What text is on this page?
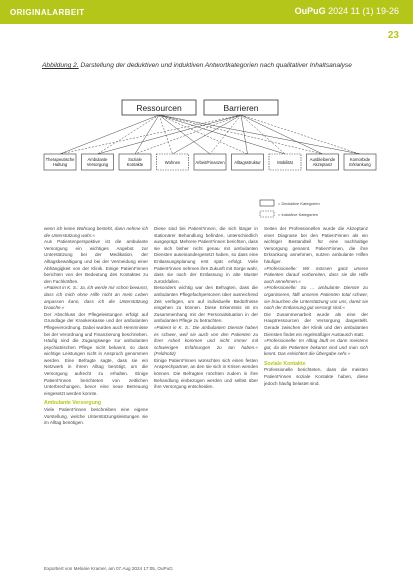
ORIGINALARBEIT	OuPuG 2024 11 (1) 19-26
23
Abbildung 2. Darstellung der deduktiven und induktiven Antwortkategorien nach qualitativer Inhaltsanalyse
Ressourcen	Barrieren
Therapeutische
Haltung
Ambulante
Versorgung
Soziale
Kontakte	Wohnen	Arbeit/Finanzen Alltagsstruktur	Mobilität
Ausbleibende
Akzeptanz
Komorbide
Erkrankung
= Deduktive Kategorien
= Induktive Kategorien

wenn ich keine Wahrung besteht, dann nehme ich die Unterstützung wahr.«

Aus Patientenperspektive ist die ambulante Versorgung ein wichtiges Angebot zur Unterstützung bei der Medikation, der Alltagsbewältigung und bei der Vermeidung einer Abhängigkeit von der Klinik. Einige Patient*innen berichten von der Bedeutung des Kontaktes zu den Fachkräften.

»Patient in K. S.: Ja, ich werde mir schon bewusst, dass ich mich ohne Hilfe nicht an mein Leben anpassen kann, dass ich die Unterstützung brauche.«

Der Abschluss der Pflegeleistungen erfolgt auf Grundlage der Krankenkasse und der ambulanten Pflegeverordnung. Dabei wurden auch Hemmnisse bei der Verordnung und Finanzierung beschrieben. Häufig sind die Zugangswege zur ambulanten psychiatrischen Pflege nicht bekannt, so dass wichtige Leistungen nicht in Anspruch genommen werden. Eine Befragte sagte, dass sie ein Netzwerk in ihrem Alltag benötigt, um die Versorgung aufrecht zu erhalten. Einige Patient*innen berichteten von zeitlichen Unterbrechungen, bevor eine neue Betreuung eingesetzt werden konnte.

Ambulante Versorgung

Viele Patient*innen beschreiben eine eigene Vorstellung, welche Unterstützungsleistungen sie im Alltag benötigen.

Diese sind bei Patient*innen, die sich länger in stationärer Behandlung befinden, unterschiedlich ausgeprägt. Mehrere Patient*innen berichten, dass sie sich bisher nicht genau mit ambulanten Diensten auseinandergesetzt haben, so dass eine Entlassungsplanung erst spät erfolgt. Viele Patient*innen nehmen ihre Zukunft mit Sorge wahr, dass sie nach der Entlassung in alte Muster zurückfallen.

Besonders wichtig war den Befragten, dass die ambulanten Pflegefachpersonen über ausreichend Zeit verfügen, um auf individuelle Bedürfnisse eingehen zu können. Diese Erkenntnis ist im Zusammenhang mit der Personalsituation in der ambulanten Pflege zu betrachten.

»Patient in K. S.: Die ambulanten Dienste haben es schwer, weil sie auch von den Patienten zu ihrer Arbeit kommen und nicht immer mit schwierigen Erfahrungen zu tun haben.« (Feldnotiz)

Einige Patient*innen wünschten sich einen festen Ansprechpartner, an den sie sich in Krisen wenden können. Die Befragten möchten zudem in ihre Behandlung einbezogen werden und selbst über ihre Versorgung entscheiden.

Seiten der Professionellen wurde die Akzeptanz einer Diagnose bei den Patient*innen als ein wichtiger Bestandteil für eine nachhaltige Versorgung genannt. Patient*innen, die ihre Erkrankung annehmen, nutzen ambulante Hilfen häufiger.

»Professionelle: Wir müssen ganz unsere Patienten darauf vorbereiten, dass sie die Hilfe auch annehmen.«

»Professionelle: So ... ambulante Dienste zu organisieren, fällt unseren Patienten total schwer, sie brauchen die Unterstützung von uns, damit sie nach der Entlassung gut versorgt sind.«

Die Zusammenarbeit wurde als eine der Hauptressourcen der Versorgung dargestellt. Gerade zwischen der Klinik und den ambulanten Diensten findet ein regelmäßiger Austausch statt.

»Professionelle: Im Alltag läuft es dann meistens gut, da die Patienten bekannt sind und man sich kennt. Das erleichtert die Übergabe sehr.«

Soziale Kontakte

Professionelle berichteten, dass die meisten Patient*innen soziale Kontakte haben, diese jedoch häufig belastet sind.

Exportiert von Melanie Kramer, am 07.Aug 2024 17:05, OuPuG
